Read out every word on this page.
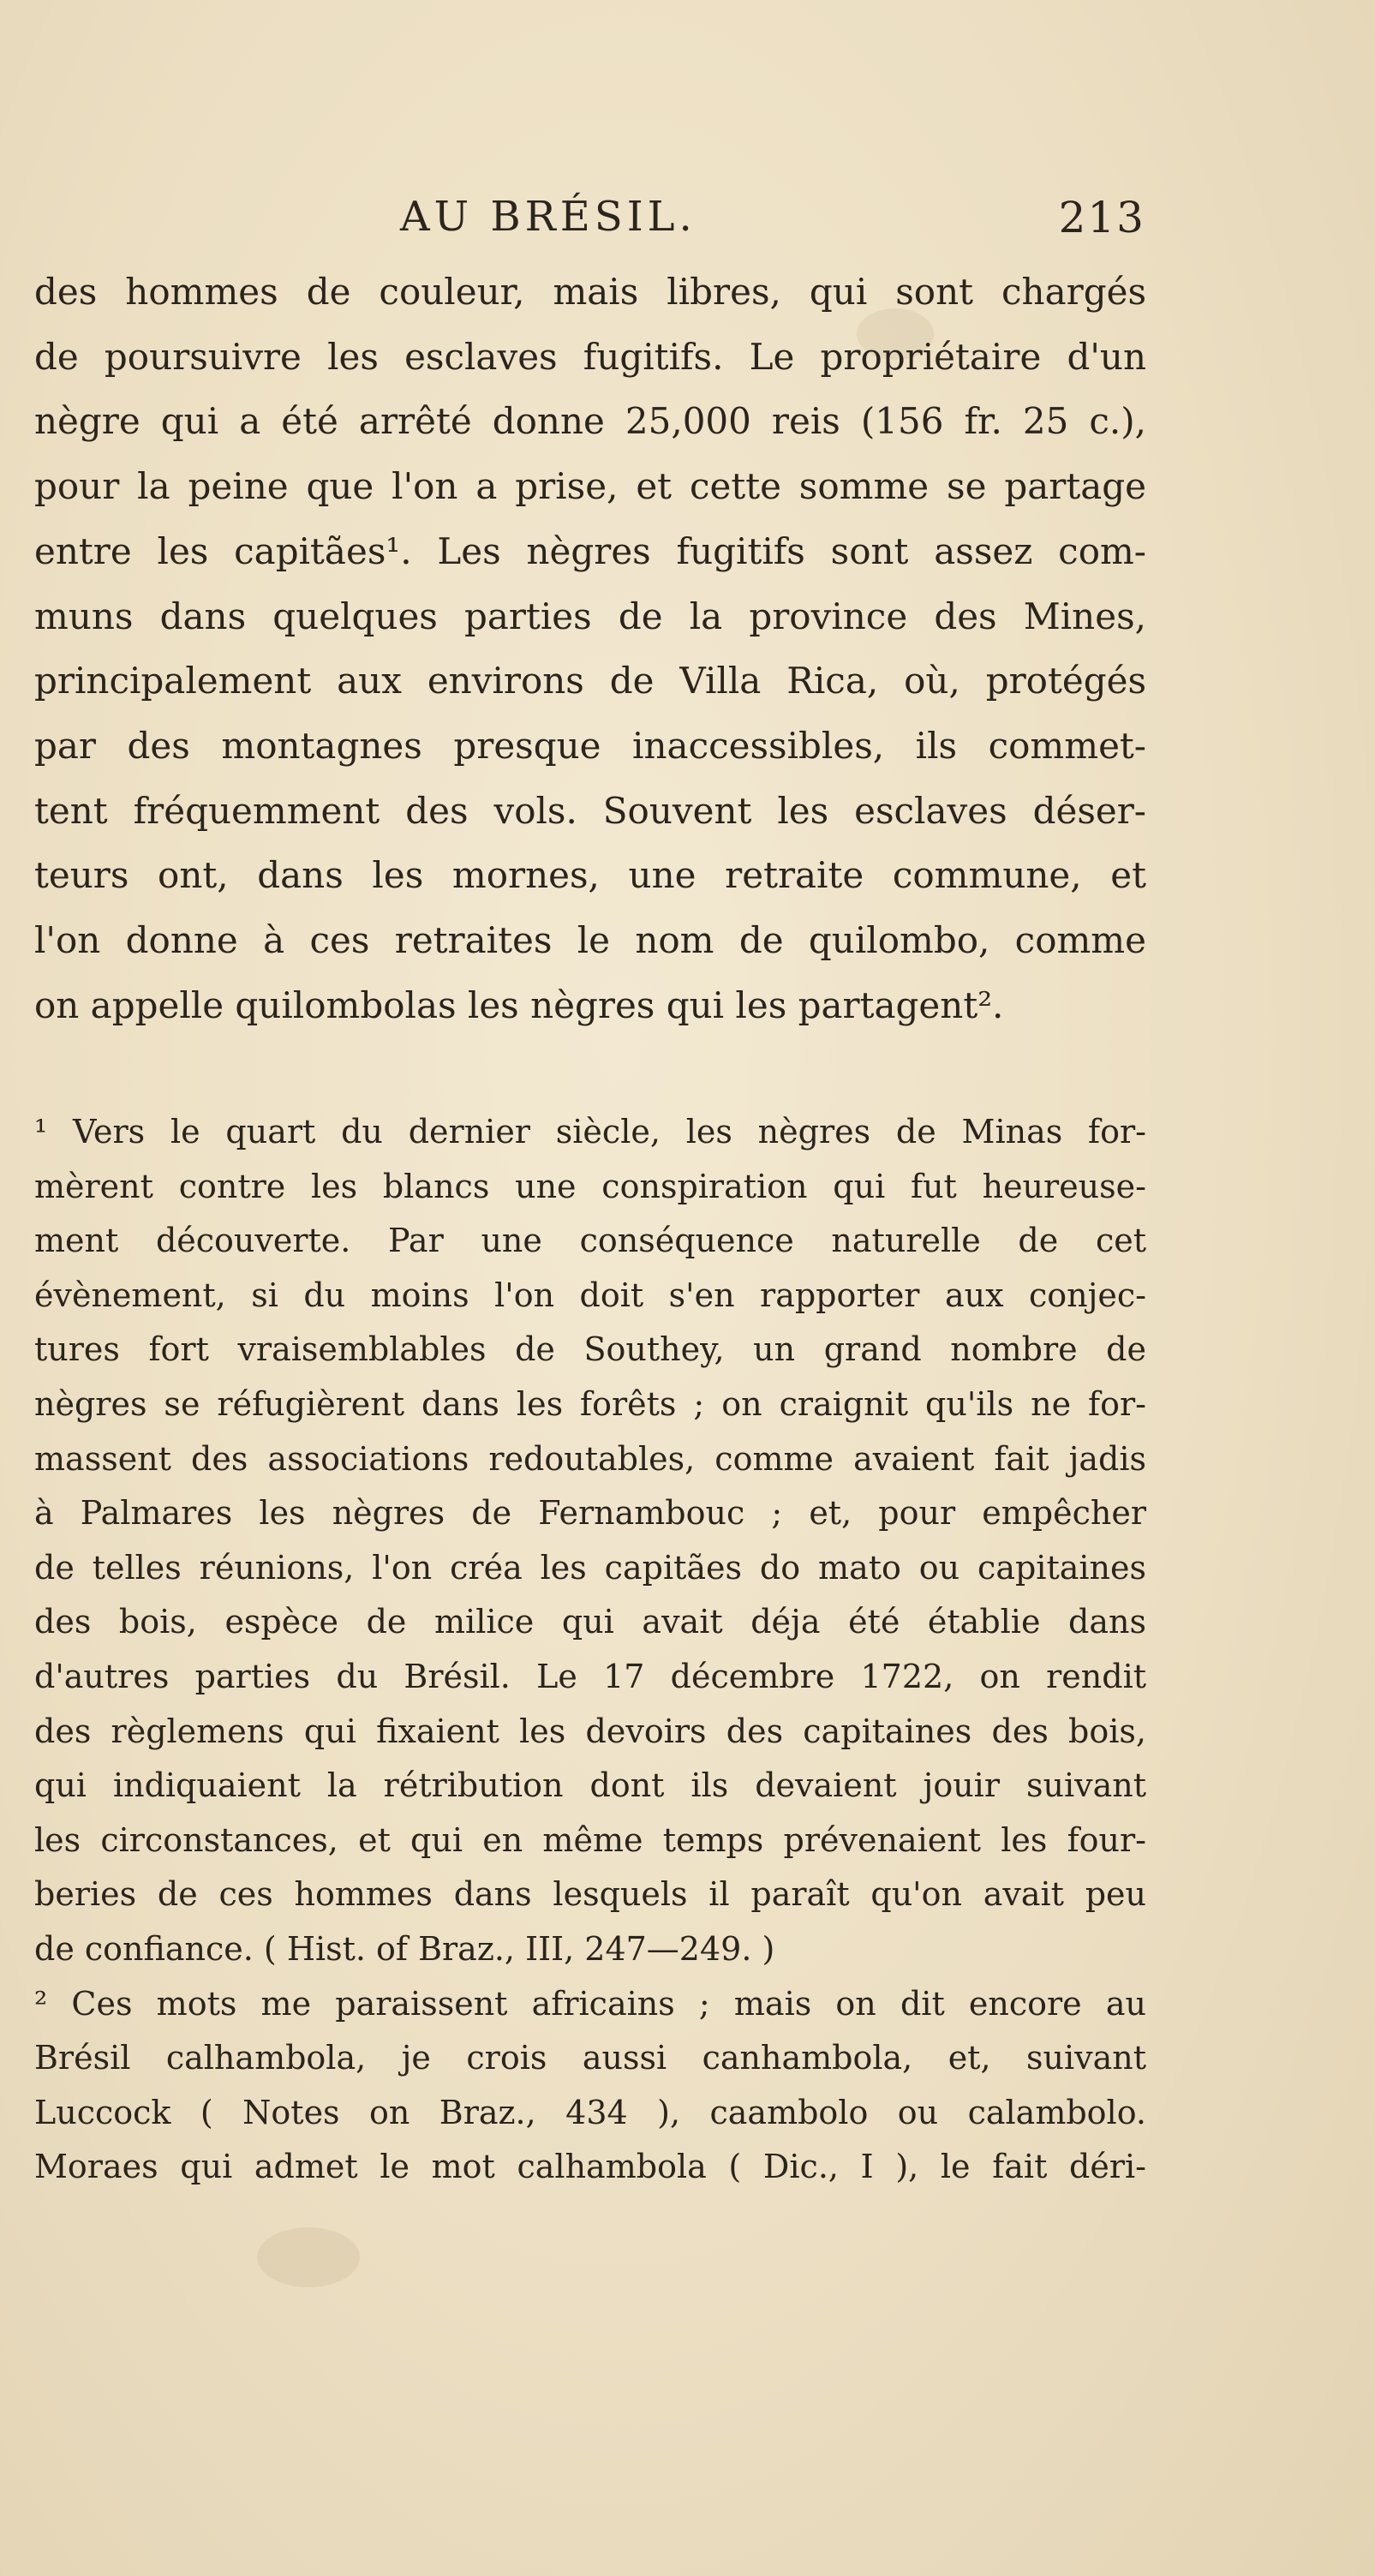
AU BRÉSIL.	213
des hommes de couleur, mais libres, qui sont chargés
de poursuivre les esclaves fugitifs. Le propriétaire d'un
nègre qui a été arrêté donne 25,000 reis (156 fr. 25 c.),
pour la peine que l'on a prise, et cette somme se partage
entre les capitães¹. Les nègres fugitifs sont assez com-
muns dans quelques parties de la province des Mines,
principalement aux environs de Villa Rica, où, protégés
par des montagnes presque inaccessibles, ils commet-
tent fréquemment des vols. Souvent les esclaves déser-
teurs ont, dans les mornes, une retraite commune, et
l'on donne à ces retraites le nom de quilombo, comme
on appelle quilombolas les nègres qui les partagent².
¹ Vers le quart du dernier siècle, les nègres de Minas for-
mèrent contre les blancs une conspiration qui fut heureuse-
ment découverte. Par une conséquence naturelle de cet
évènement, si du moins l'on doit s'en rapporter aux conjec-
tures fort vraisemblables de Southey, un grand nombre de
nègres se réfugièrent dans les forêts ; on craignit qu'ils ne for-
massent des associations redoutables, comme avaient fait jadis
à Palmares les nègres de Fernambouc ; et, pour empêcher
de telles réunions, l'on créa les capitães do mato ou capitaines
des bois, espèce de milice qui avait déja été établie dans
d'autres parties du Brésil. Le 17 décembre 1722, on rendit
des règlemens qui fixaient les devoirs des capitaines des bois,
qui indiquaient la rétribution dont ils devaient jouir suivant
les circonstances, et qui en même temps prévenaient les four-
beries de ces hommes dans lesquels il paraît qu'on avait peu
de confiance. ( Hist. of Braz., III, 247—249. )
² Ces mots me paraissent africains ; mais on dit encore au
Brésil calhambola, je crois aussi canhambola, et, suivant
Luccock ( Notes on Braz., 434 ), caambolo ou calambolo.
Moraes qui admet le mot calhambola ( Dic., I ), le fait déri-
